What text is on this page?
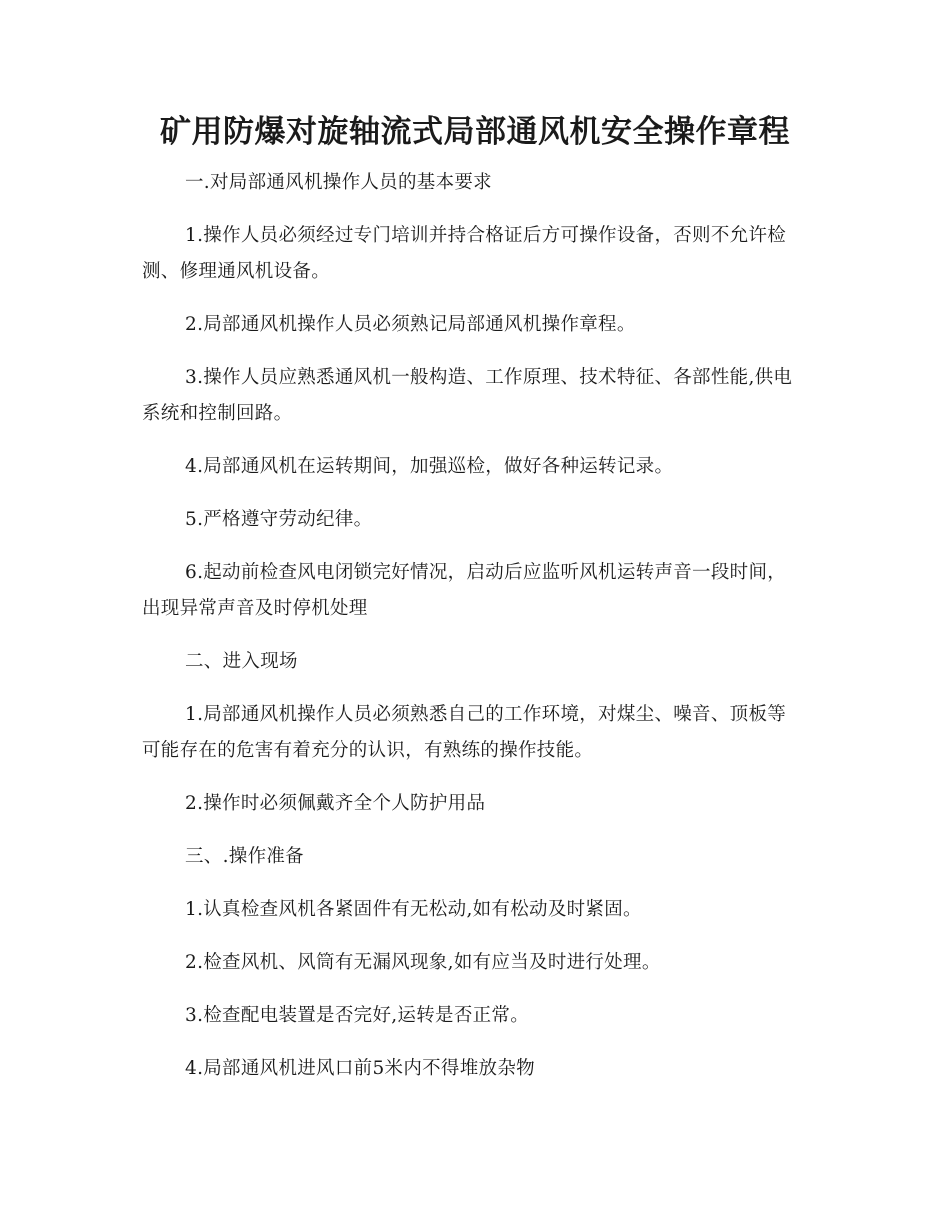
矿用防爆对旋轴流式局部通风机安全操作章程

一.对局部通风机操作人员的基本要求

1.操作人员必须经过专门培训并持合格证后方可操作设备，否则不允许检测、修理通风机设备。

2.局部通风机操作人员必须熟记局部通风机操作章程。

3.操作人员应熟悉通风机一般构造、工作原理、技术特征、各部性能,供电系统和控制回路。

4.局部通风机在运转期间，加强巡检，做好各种运转记录。

5.严格遵守劳动纪律。

6.起动前检查风电闭锁完好情况，启动后应监听风机运转声音一段时间，出现异常声音及时停机处理

二、进入现场

1.局部通风机操作人员必须熟悉自己的工作环境，对煤尘、噪音、顶板等可能存在的危害有着充分的认识，有熟练的操作技能。

2.操作时必须佩戴齐全个人防护用品

三、.操作准备

1.认真检查风机各紧固件有无松动,如有松动及时紧固。

2.检查风机、风筒有无漏风现象,如有应当及时进行处理。

3.检查配电装置是否完好,运转是否正常。

4.局部通风机进风口前5米内不得堆放杂物
